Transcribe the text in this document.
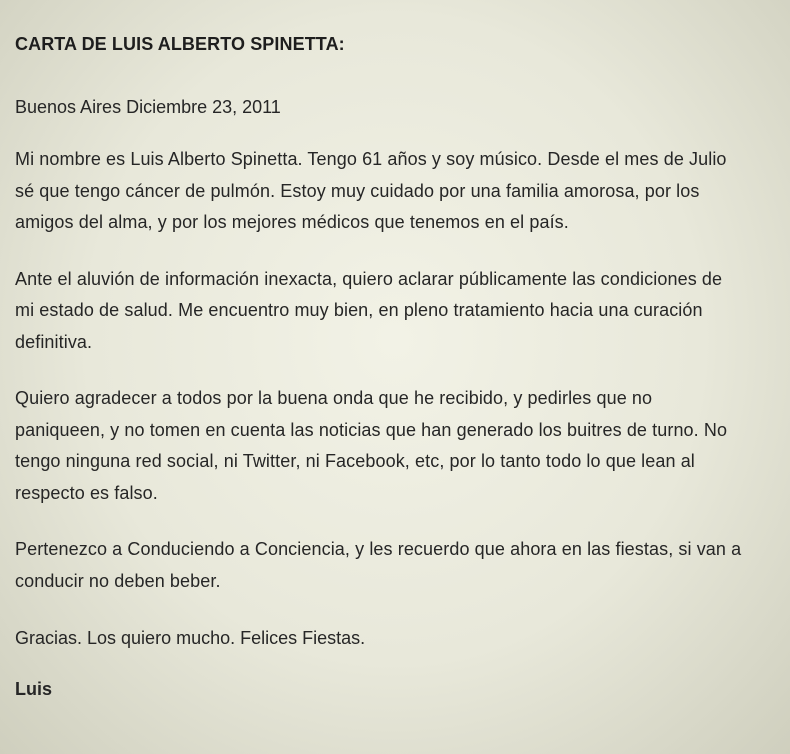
CARTA DE LUIS ALBERTO SPINETTA:
Buenos Aires Diciembre 23, 2011

Mi nombre es Luis Alberto Spinetta. Tengo 61 años y soy músico. Desde el mes de Julio sé que tengo cáncer de pulmón. Estoy muy cuidado por una familia amorosa, por los amigos del alma, y por los mejores médicos que tenemos en el país.

Ante el aluvión de información inexacta, quiero aclarar públicamente las condiciones de mi estado de salud. Me encuentro muy bien, en pleno tratamiento hacia una curación definitiva.

Quiero agradecer a todos por la buena onda que he recibido, y pedirles que no paniqueen, y no tomen en cuenta las noticias que han generado los buitres de turno. No tengo ninguna red social, ni Twitter, ni Facebook, etc, por lo tanto todo lo que lean al respecto es falso.

Pertenezco a Conduciendo a Conciencia, y les recuerdo que ahora en las fiestas, si van a conducir no deben beber.

Gracias. Los quiero mucho. Felices Fiestas.
Luis
